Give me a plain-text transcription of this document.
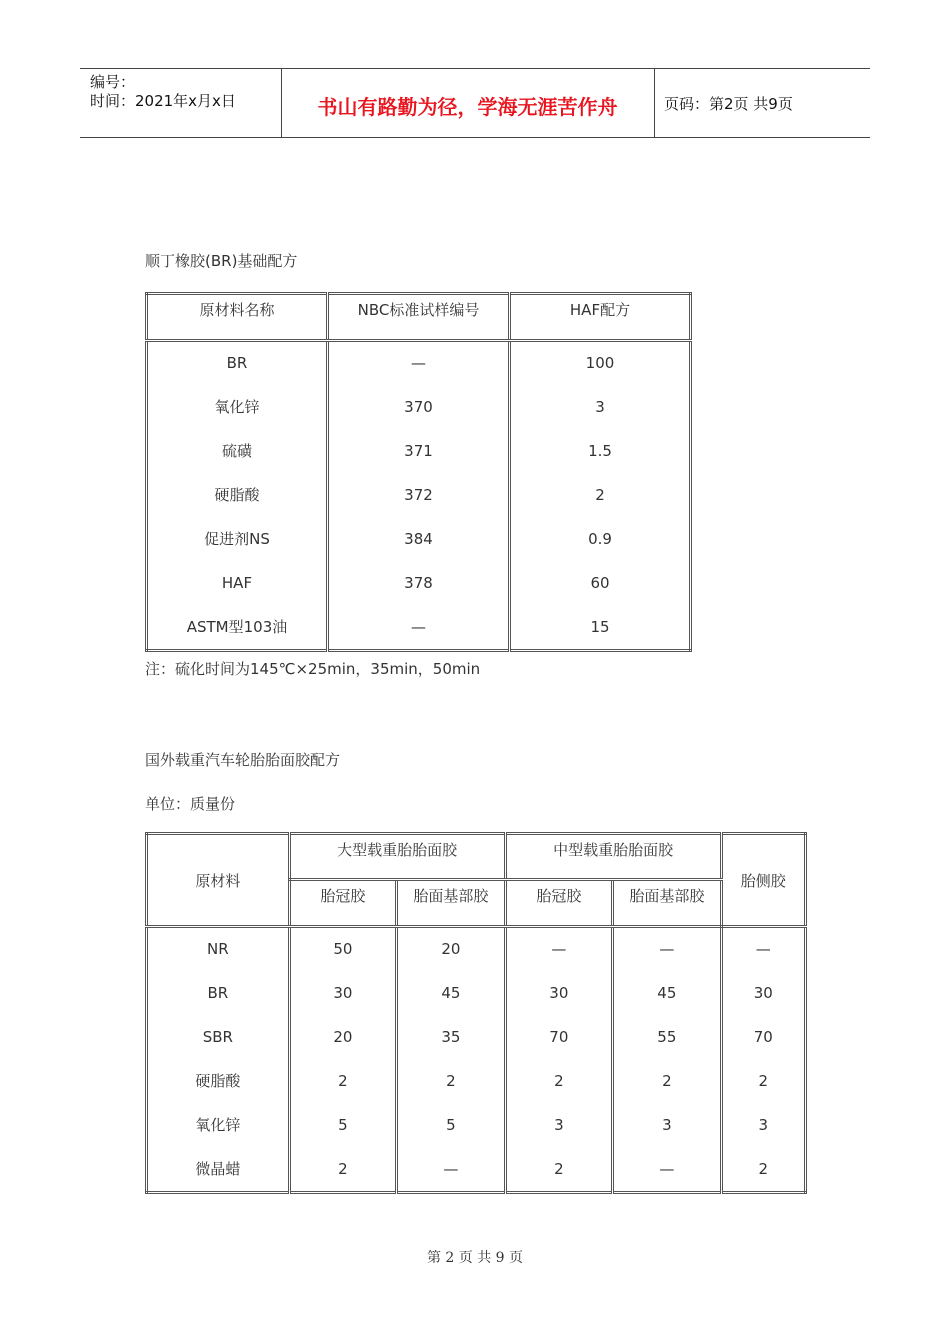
编号：
时间：2021年x月x日	书山有路勤为径，学海无涯苦作舟	页码：第2页 共9页
顺丁橡胶(BR)基础配方
原材料名称	NBC标准试样编号	HAF配方
BR	—	100
氧化锌	370	3
硫磺	371	1.5
硬脂酸	372	2
促进剂NS	384	0.9
HAF	378	60
ASTM型103油	—	15
注：硫化时间为145℃×25min，35min，50min
国外载重汽车轮胎胎面胶配方
单位：质量份
原材料	大型载重胎胎面胶		中型载重胎胎面胶		胎侧胶
	胎冠胶	胎面基部胶	胎冠胶	胎面基部胶	
NR	50	20	—	—	—
BR	30	45	30	45	30
SBR	20	35	70	55	70
硬脂酸	2	2	2	2	2
氧化锌	5	5	3	3	3
微晶蜡	2	—	2	—	2
第 2 页 共 9 页
